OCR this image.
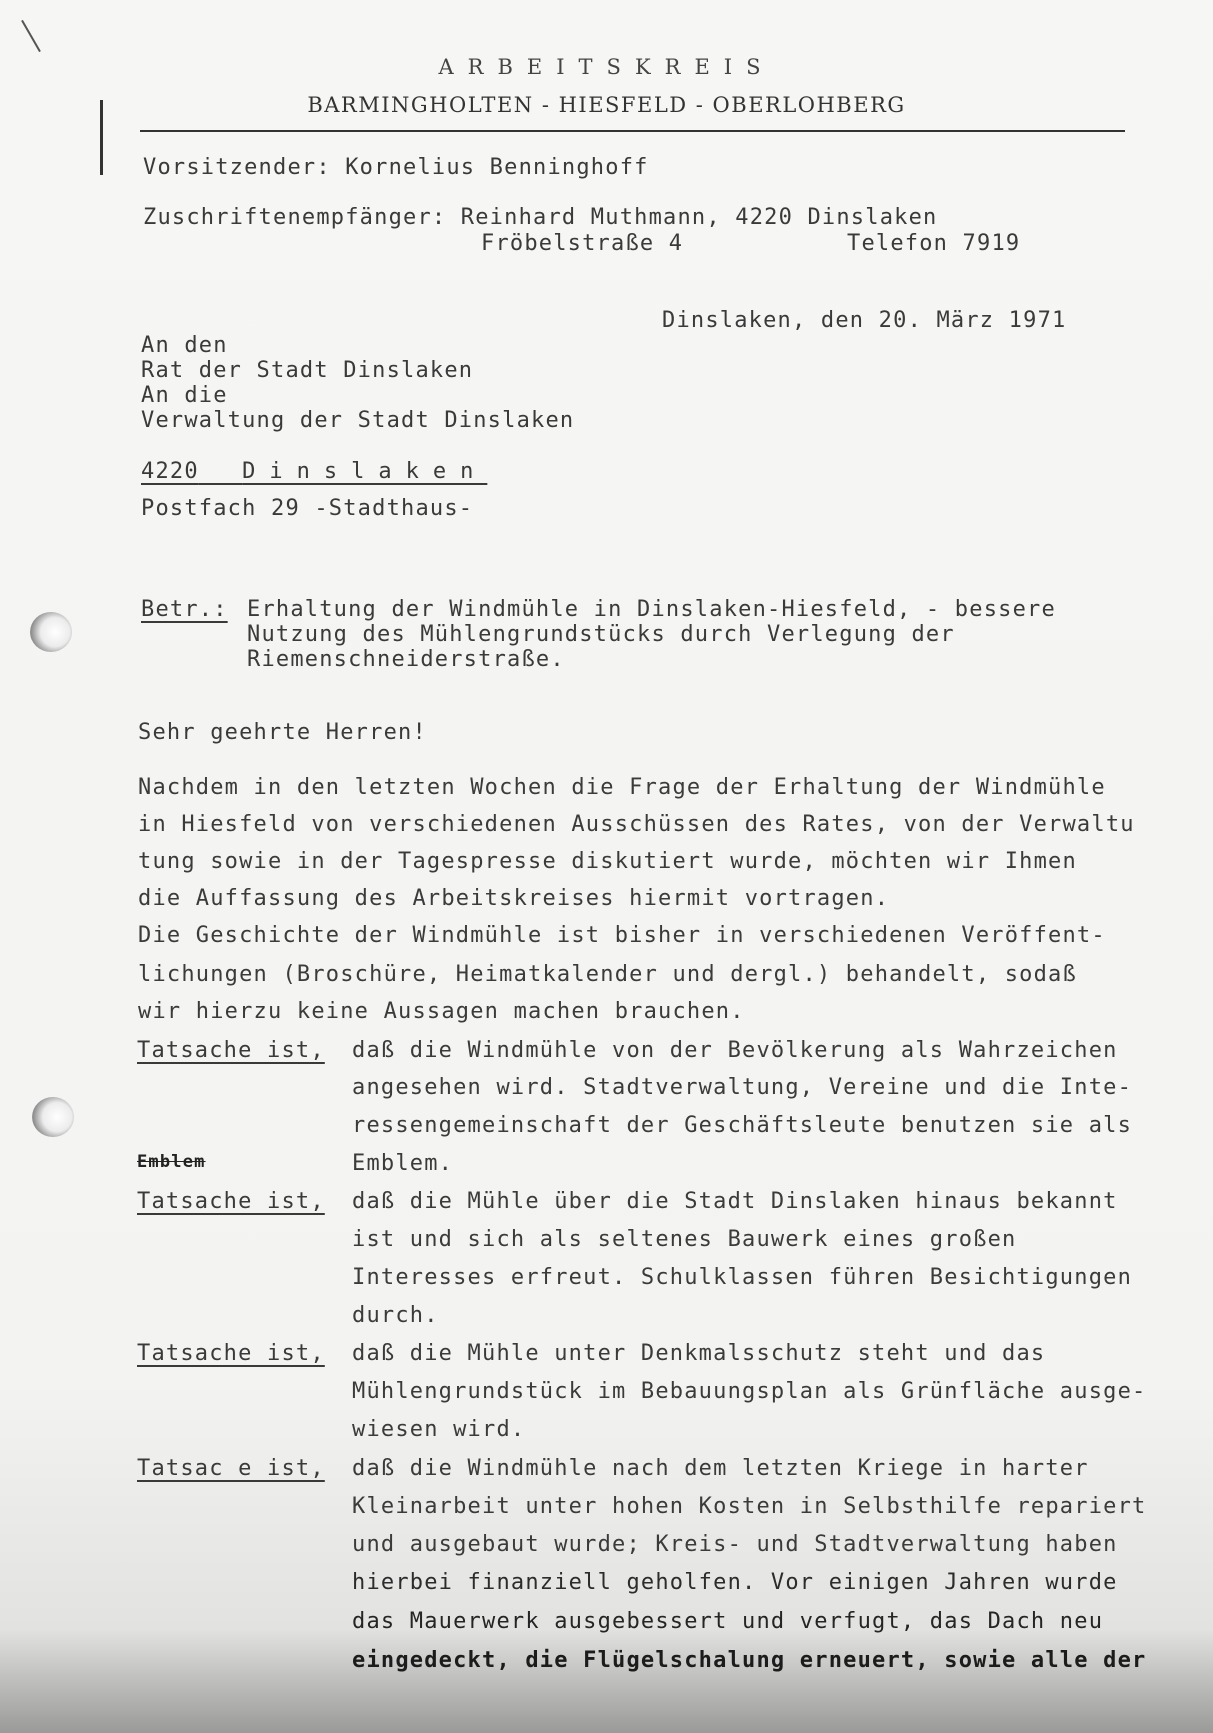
ARBEITSKREIS
BARMINGHOLTEN - HIESFELD - OBERLOHBERG
Vorsitzender: Kornelius Benninghoff
Zuschriftenempfänger: Reinhard Muthmann, 4220 Dinslaken
Fröbelstraße 4	Telefon 7919
Dinslaken, den 20. März 1971
An den
Rat der Stadt Dinslaken
An die
Verwaltung der Stadt Dinslaken
4220 Dinslaken
Postfach 29 -Stadthaus-
Betr.: Erhaltung der Windmühle in Dinslaken-Hiesfeld, - bessere
Nutzung des Mühlengrundstücks durch Verlegung der
Riemenschneiderstraße.
Sehr geehrte Herren!
Nachdem in den letzten Wochen die Frage der Erhaltung der Windmühle
in Hiesfeld von verschiedenen Ausschüssen des Rates, von der Verwaltu
tung sowie in der Tagespresse diskutiert wurde, möchten wir Ihmen
die Auffassung des Arbeitskreises hiermit vortragen.
Die Geschichte der Windmühle ist bisher in verschiedenen Veröffent-
lichungen (Broschüre, Heimatkalender und dergl.) behandelt, sodaß
wir hierzu keine Aussagen machen brauchen.
Tatsache ist, daß die Windmühle von der Bevölkerung als Wahrzeichen
angesehen wird. Stadtverwaltung, Vereine und die Inte-
ressengemeinschaft der Geschäftsleute benutzen sie als
Emblem	Emblem.
Tatsache ist, daß die Mühle über die Stadt Dinslaken hinaus bekannt
ist und sich als seltenes Bauwerk eines großen
Interesses erfreut. Schulklassen führen Besichtigungen
durch.
Tatsache ist, daß die Mühle unter Denkmalsschutz steht und das
Mühlengrundstück im Bebauungsplan als Grünfläche ausge-
wiesen wird.
Tatsac e ist, daß die Windmühle nach dem letzten Kriege in harter
Kleinarbeit unter hohen Kosten in Selbsthilfe repariert
und ausgebaut wurde; Kreis- und Stadtverwaltung haben
hierbei finanziell geholfen. Vor einigen Jahren wurde
das Mauerwerk ausgebessert und verfugt, das Dach neu
eingedeckt, die Flügelschalung erneuert, sowie alle der
